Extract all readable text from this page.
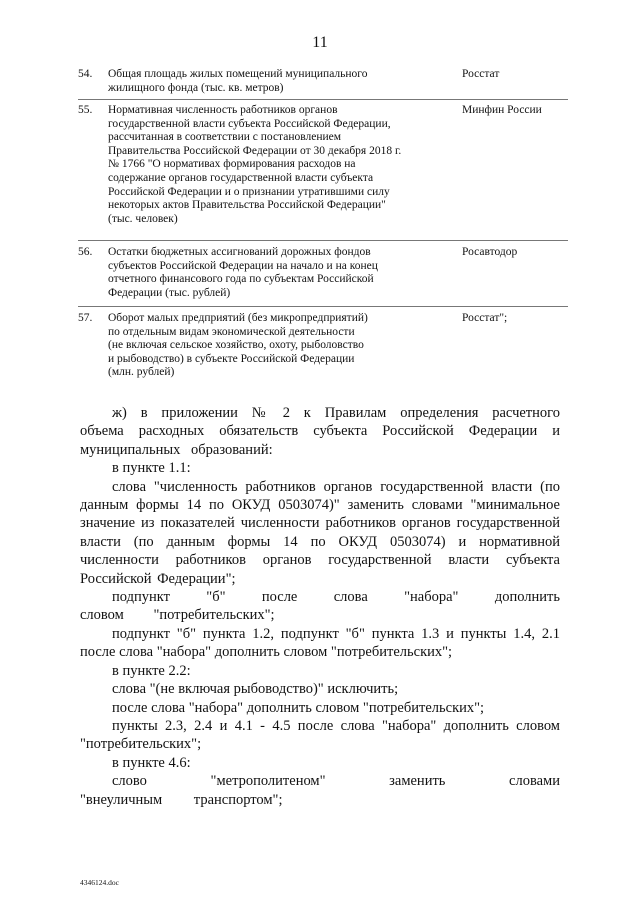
11
54. Общая площадь жилых помещений муниципального
жилищного фонда (тыс. кв. метров)
Росстат
55. Нормативная численность работников органов
государственной власти субъекта Российской Федерации,
рассчитанная в соответствии с постановлением
Правительства Российской Федерации от 30 декабря 2018 г.
№ 1766 "О нормативах формирования расходов на
содержание органов государственной власти субъекта
Российской Федерации и о признании утратившими силу
некоторых актов Правительства Российской Федерации"
(тыс. человек)
Минфин России
56. Остатки бюджетных ассигнований дорожных фондов
субъектов Российской Федерации на начало и на конец
отчетного финансового года по субъектам Российской
Федерации (тыс. рублей)
Росавтодор
57. Оборот малых предприятий (без микропредприятий)
по отдельным видам экономической деятельности
(не включая сельское хозяйство, охоту, рыболовство
и рыбоводство) в субъекте Российской Федерации
(млн. рублей)
Росстат";

ж) в приложении № 2 к Правилам определения расчетного объема расходных обязательств субъекта Российской Федерации и муниципальных образований:

в пункте 1.1:

слова "численность работников органов государственной власти (по данным формы 14 по ОКУД 0503074)" заменить словами "минимальное значение из показателей численности работников органов государственной власти (по данным формы 14 по ОКУД 0503074) и нормативной численности работников органов государственной власти субъекта Российской Федерации";

подпункт "б" после слова "набора" дополнить словом "потребительских";

подпункт "б" пункта 1.2, подпункт "б" пункта 1.3 и пункты 1.4, 2.1 после слова "набора" дополнить словом "потребительских";

в пункте 2.2:

слова "(не включая рыбоводство)" исключить;

после слова "набора" дополнить словом "потребительских";

пункты 2.3, 2.4 и 4.1 - 4.5 после слова "набора" дополнить словом "потребительских";

в пункте 4.6:

слово "метрополитеном" заменить словами "внеуличным транспортом";

4346124.doc
